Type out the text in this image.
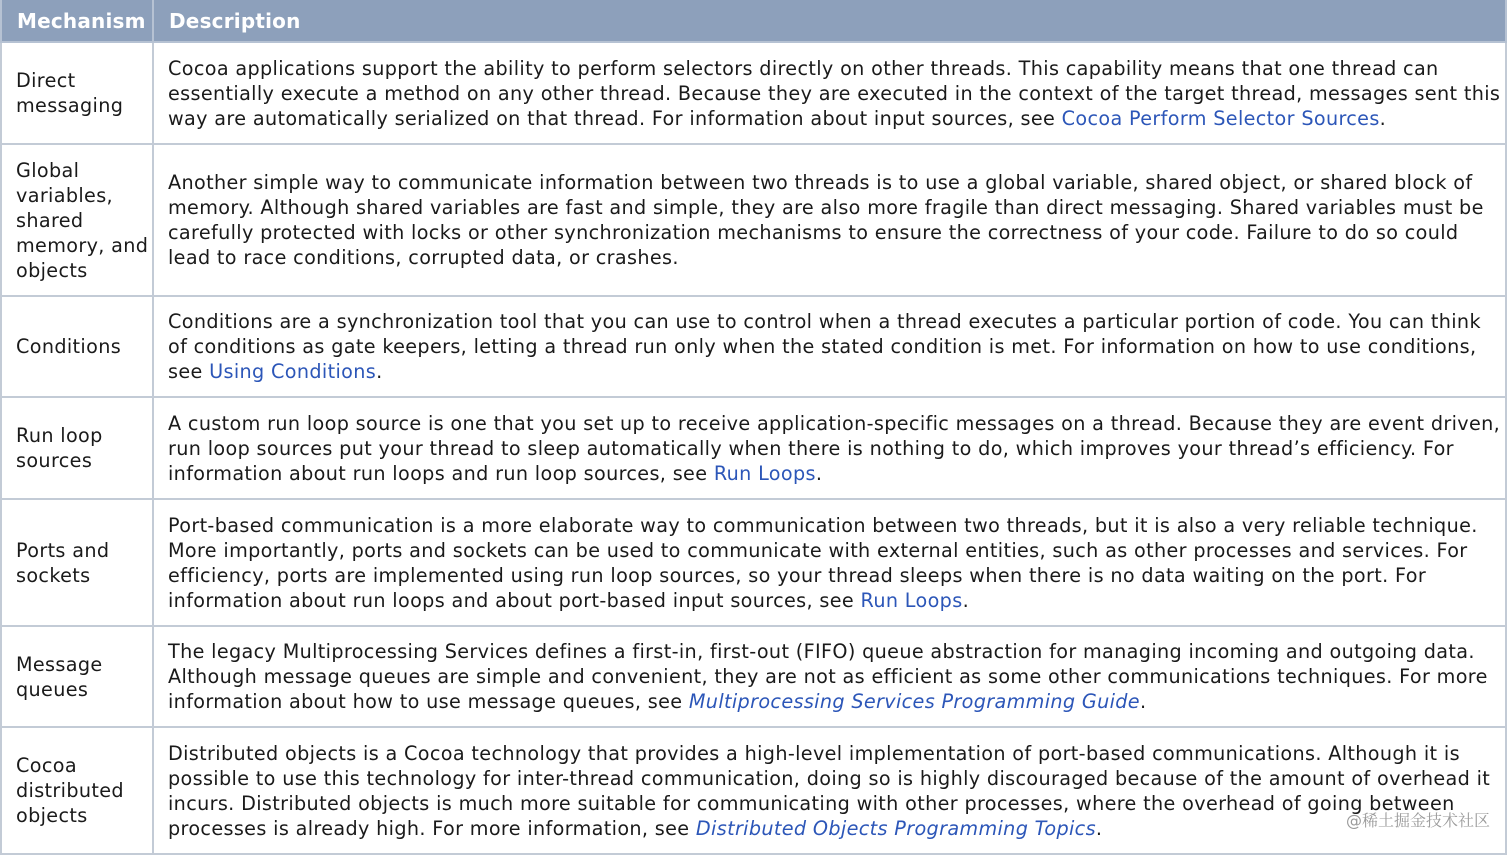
Mechanism	Description
Direct messaging	Cocoa applications support the ability to perform selectors directly on other threads. This capability means that one thread can essentially execute a method on any other thread. Because they are executed in the context of the target thread, messages sent this way are automatically serialized on that thread. For information about input sources, see Cocoa Perform Selector Sources.
Global variables, shared memory, and objects	Another simple way to communicate information between two threads is to use a global variable, shared object, or shared block of memory. Although shared variables are fast and simple, they are also more fragile than direct messaging. Shared variables must be carefully protected with locks or other synchronization mechanisms to ensure the correctness of your code. Failure to do so could lead to race conditions, corrupted data, or crashes.
Conditions	Conditions are a synchronization tool that you can use to control when a thread executes a particular portion of code. You can think of conditions as gate keepers, letting a thread run only when the stated condition is met. For information on how to use conditions, see Using Conditions.
Run loop sources	A custom run loop source is one that you set up to receive application-specific messages on a thread. Because they are event driven, run loop sources put your thread to sleep automatically when there is nothing to do, which improves your thread’s efficiency. For information about run loops and run loop sources, see Run Loops.
Ports and sockets	Port-based communication is a more elaborate way to communication between two threads, but it is also a very reliable technique. More importantly, ports and sockets can be used to communicate with external entities, such as other processes and services. For efficiency, ports are implemented using run loop sources, so your thread sleeps when there is no data waiting on the port. For information about run loops and about port-based input sources, see Run Loops.
Message queues	The legacy Multiprocessing Services defines a first-in, first-out (FIFO) queue abstraction for managing incoming and outgoing data. Although message queues are simple and convenient, they are not as efficient as some other communications techniques. For more information about how to use message queues, see Multiprocessing Services Programming Guide.
Cocoa distributed objects	Distributed objects is a Cocoa technology that provides a high-level implementation of port-based communications. Although it is possible to use this technology for inter-thread communication, doing so is highly discouraged because of the amount of overhead it incurs. Distributed objects is much more suitable for communicating with other processes, where the overhead of going between processes is already high. For more information, see Distributed Objects Programming Topics.	@稀土掘金技术社区
